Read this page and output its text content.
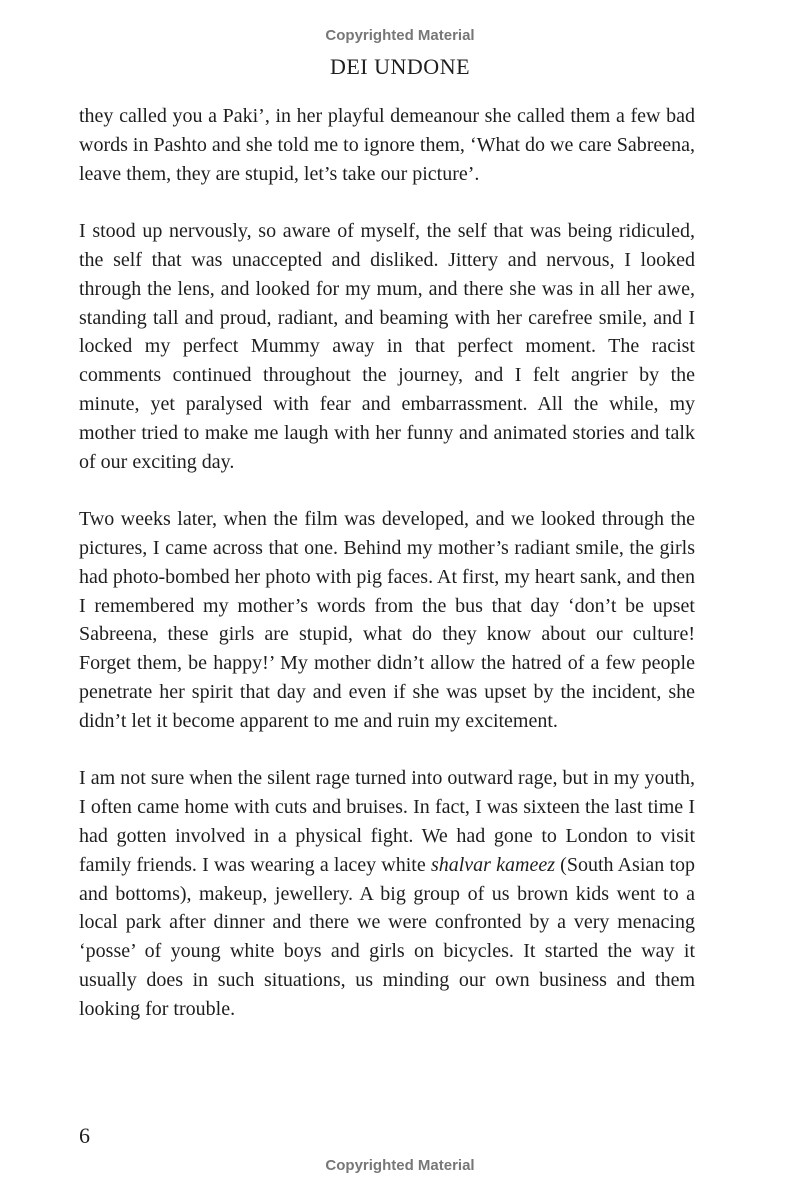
Copyrighted Material
DEI UNDONE

they called you a Paki’, in her playful demeanour she called them a few bad words in Pashto and she told me to ignore them, ‘What do we care Sabreena, leave them, they are stupid, let’s take our picture’.

I stood up nervously, so aware of myself, the self that was being ridiculed, the self that was unaccepted and disliked. Jittery and nervous, I looked through the lens, and looked for my mum, and there she was in all her awe, standing tall and proud, radiant, and beaming with her carefree smile, and I locked my perfect Mummy away in that perfect moment. The racist comments continued throughout the journey, and I felt angrier by the minute, yet paralysed with fear and embarrassment. All the while, my mother tried to make me laugh with her funny and animated stories and talk of our exciting day.

Two weeks later, when the film was developed, and we looked through the pictures, I came across that one. Behind my mother’s radiant smile, the girls had photo-bombed her photo with pig faces. At first, my heart sank, and then I remembered my mother’s words from the bus that day ‘don’t be upset Sabreena, these girls are stupid, what do they know about our culture! Forget them, be happy!’ My mother didn’t allow the hatred of a few people penetrate her spirit that day and even if she was upset by the incident, she didn’t let it become apparent to me and ruin my excitement.

I am not sure when the silent rage turned into outward rage, but in my youth, I often came home with cuts and bruises. In fact, I was sixteen the last time I had gotten involved in a physical fight. We had gone to London to visit family friends. I was wearing a lacey white shalvar kameez (South Asian top and bottoms), makeup, jewellery. A big group of us brown kids went to a local park after dinner and there we were confronted by a very menacing ‘posse’ of young white boys and girls on bicycles. It started the way it usually does in such situations, us minding our own business and them looking for trouble.

6
Copyrighted Material
